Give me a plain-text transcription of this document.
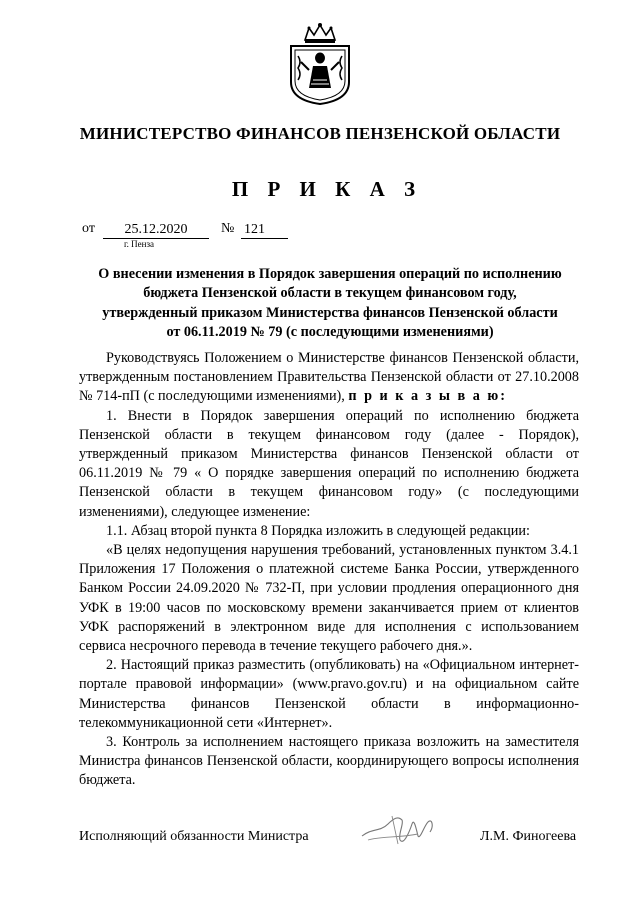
МИНИСТЕРСТВО ФИНАНСОВ ПЕНЗЕНСКОЙ ОБЛАСТИ
П Р И К А З
от	25.12.2020	№ 121
г. Пенза
О внесении изменения в Порядок завершения операций по исполнению
бюджета Пензенской области в текущем финансовом году,
утвержденный приказом Министерства финансов Пензенской области
от 06.11.2019 № 79 (с последующими изменениями)

Руководствуясь Положением о Министерстве финансов Пензенской области, утвержденным постановлением Правительства Пензенской области от 27.10.2008 № 714-пП (с последующими изменениями), п р и к а з ы в а ю:

1. Внести в Порядок завершения операций по исполнению бюджета Пензенской области в текущем финансовом году (далее - Порядок), утвержденный приказом Министерства финансов Пензенской области от 06.11.2019 № 79 « О порядке завершения операций по исполнению бюджета Пензенской области в текущем финансовом году» (с последующими изменениями), следующее изменение:

1.1. Абзац второй пункта 8 Порядка изложить в следующей редакции:

«В целях недопущения нарушения требований, установленных пунктом 3.4.1 Приложения 17 Положения о платежной системе Банка России, утвержденного Банком России 24.09.2020 № 732-П, при условии продления операционного дня УФК в 19:00 часов по московскому времени заканчивается прием от клиентов УФК распоряжений в электронном виде для исполнения с использованием сервиса несрочного перевода в течение текущего рабочего дня.».

2. Настоящий приказ разместить (опубликовать) на «Официальном интернет-портале правовой информации» (www.pravo.gov.ru) и на официальном сайте Министерства финансов Пензенской области в информационно-телекоммуникационной сети «Интернет».

3. Контроль за исполнением настоящего приказа возложить на заместителя Министра финансов Пензенской области, координирующего вопросы исполнения бюджета.

Исполняющий обязанности Министра	Л.М. Финогеева
